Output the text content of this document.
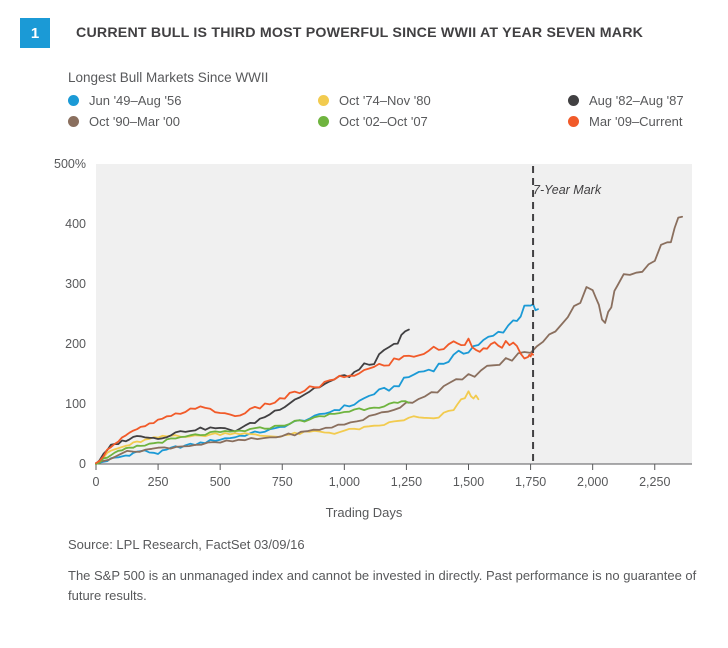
1	CURRENT BULL IS THIRD MOST POWERFUL SINCE WWII AT YEAR SEVEN MARK
Longest Bull Markets Since WWII
Jun '49–Aug '56	Oct '74–Nov '80	Aug '82–Aug '87
Oct '90–Mar '00	Oct '02–Oct '07	Mar '09–Current
0
100
200
300
400
500%
0	250	500	750	1,000 1,250 1,500 1,750 2,000 2,250
7-Year Mark
Trading Days
Source: LPL Research, FactSet 03/09/16
The S&P 500 is an unmanaged index and cannot be invested in directly. Past performance is no guarantee of future results.
